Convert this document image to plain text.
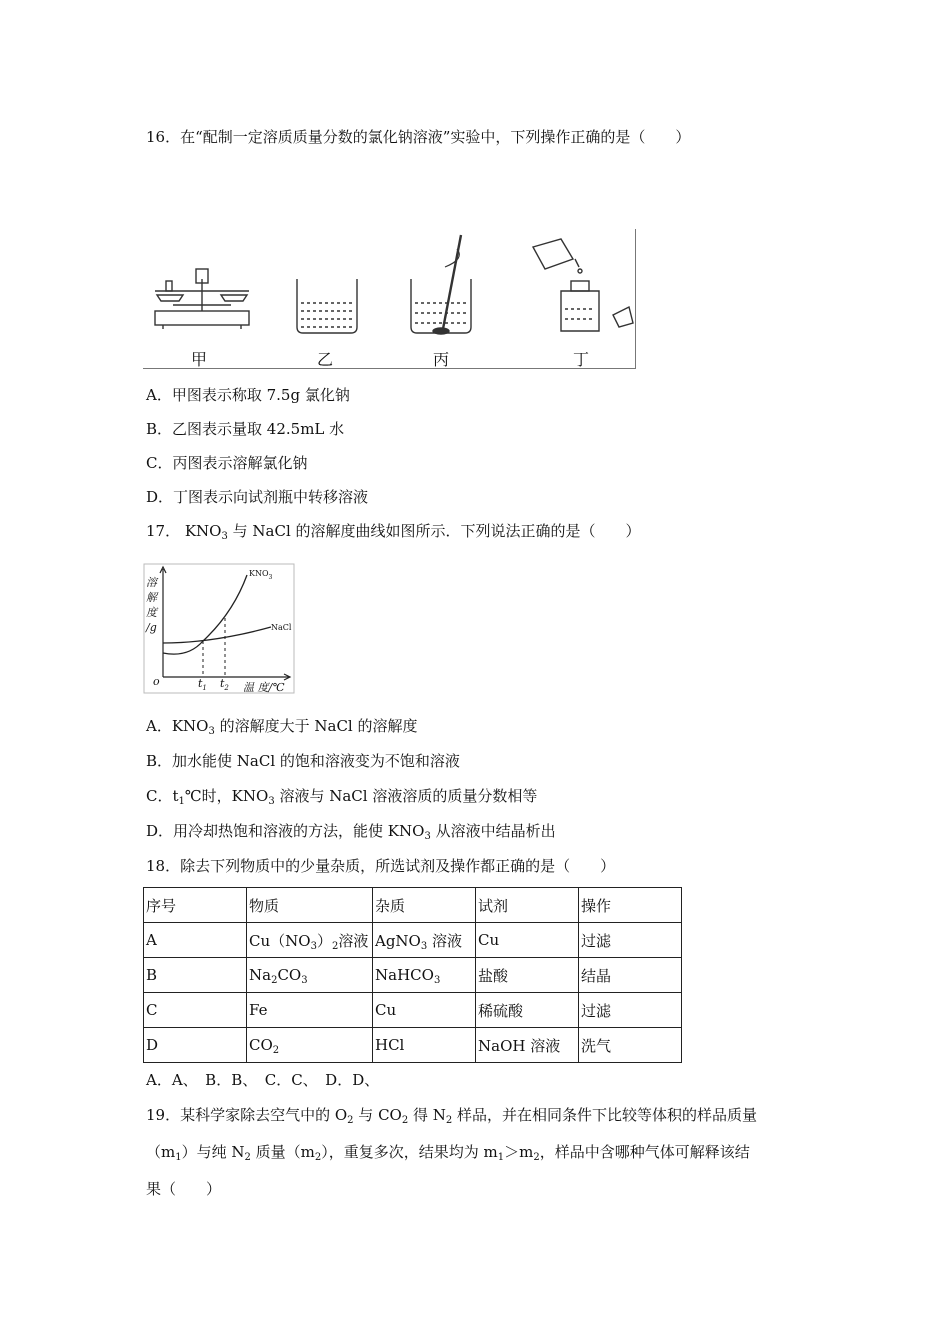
16．在“配制一定溶质质量分数的氯化钠溶液”实验中，下列操作正确的是（　　）
甲	乙	丙	丁
A．甲图表示称取 7.5g 氯化钠
B．乙图表示量取 42.5mL 水
C．丙图表示溶解氯化钠
D．丁图表示向试剂瓶中转移溶液
17． $KNO_3$ 与 NaCl 的溶解度曲线如图所示．下列说法正确的是（　　）
溶
解
度
/g
$KNO_3$
NaCl
o	$t_1$ $t_2$ 温 度/℃
A．$KNO_3$ 的溶解度大于 NaCl 的溶解度
B．加水能使 NaCl 的饱和溶液变为不饱和溶液
C．$t_1℃$时，$KNO_3$ 溶液与 NaCl 溶液溶质的质量分数相等
D．用冷却热饱和溶液的方法，能使 $KNO_3$ 从溶液中结晶析出
18．除去下列物质中的少量杂质，所选试剂及操作都正确的是（　　）
序号	物质	杂质	试剂	操作
A	$Cu(NO_3)_2$溶液	AgNO$_3$ 溶液	Cu	过滤
B	$Na_2CO_3$	NaHCO$_3$	盐酸	结晶
C	Fe	Cu	稀硫酸	过滤
D	$CO_2$	HCl	NaOH 溶液	洗气
A．A、　B．B、　C．C、　D．D、
19．某科学家除去空气中的 $O_2$ 与 $CO_2$ 得 $N_2$ 样品，并在相同条件下比较等体积的样品质量
$(m_1)$与纯 $N_2$ 质量$(m_2)$，重复多次，结果均为 $m_1>m_2$，样品中含哪种气体可解释该结
果（　　）
